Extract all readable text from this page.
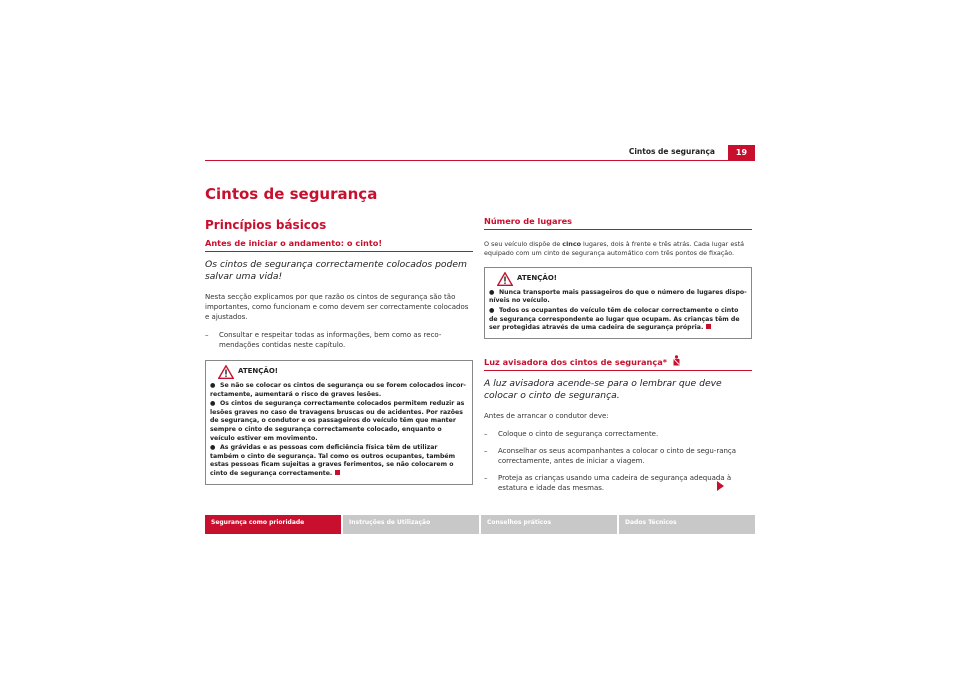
Cintos de segurança	19
Cintos de segurança
Princípios básicos
Antes de iniciar o andamento: o cinto!
Os cintos de segurança correctamente colocados podem salvar uma vida!
Nesta secção explicamos por que razão os cintos de segurança são tão importantes, como funcionam e como devem ser correctamente colocados e ajustados.
– Consultar e respeitar todas as informações, bem como as reco-mendações contidas neste capítulo.
ATENÇÃO!
● Se não se colocar os cintos de segurança ou se forem colocados incor-rectamente, aumentará o risco de graves lesões.
● Os cintos de segurança correctamente colocados permitem reduzir as lesões graves no caso de travagens bruscas ou de acidentes. Por razões de segurança, o condutor e os passageiros do veículo têm que manter sempre o cinto de segurança correctamente colocado, enquanto o veículo estiver em movimento.
● As grávidas e as pessoas com deficiência física têm de utilizar também o cinto de segurança. Tal como os outros ocupantes, também estas pessoas ficam sujeitas a graves ferimentos, se não colocarem o cinto de segurança correctamente.
Número de lugares
O seu veículo dispõe de cinco lugares, dois à frente e três atrás. Cada lugar está equipado com um cinto de segurança automático com três pontos de fixação.
ATENÇÃO!
● Nunca transporte mais passageiros do que o número de lugares dispo-níveis no veículo.
● Todos os ocupantes do veículo têm de colocar correctamente o cinto de segurança correspondente ao lugar que ocupam. As crianças têm de ser protegidas através de uma cadeira de segurança própria.
Luz avisadora dos cintos de segurança*
A luz avisadora acende-se para o lembrar que deve colocar o cinto de segurança.
Antes de arrancar o condutor deve:
– Coloque o cinto de segurança correctamente.
– Aconselhar os seus acompanhantes a colocar o cinto de segu-rança correctamente, antes de iniciar a viagem.
– Proteja as crianças usando uma cadeira de segurança adequada à estatura e idade das mesmas.
Segurança como prioridade	Instruções de Utilização	Conselhos práticos	Dados Técnicos
